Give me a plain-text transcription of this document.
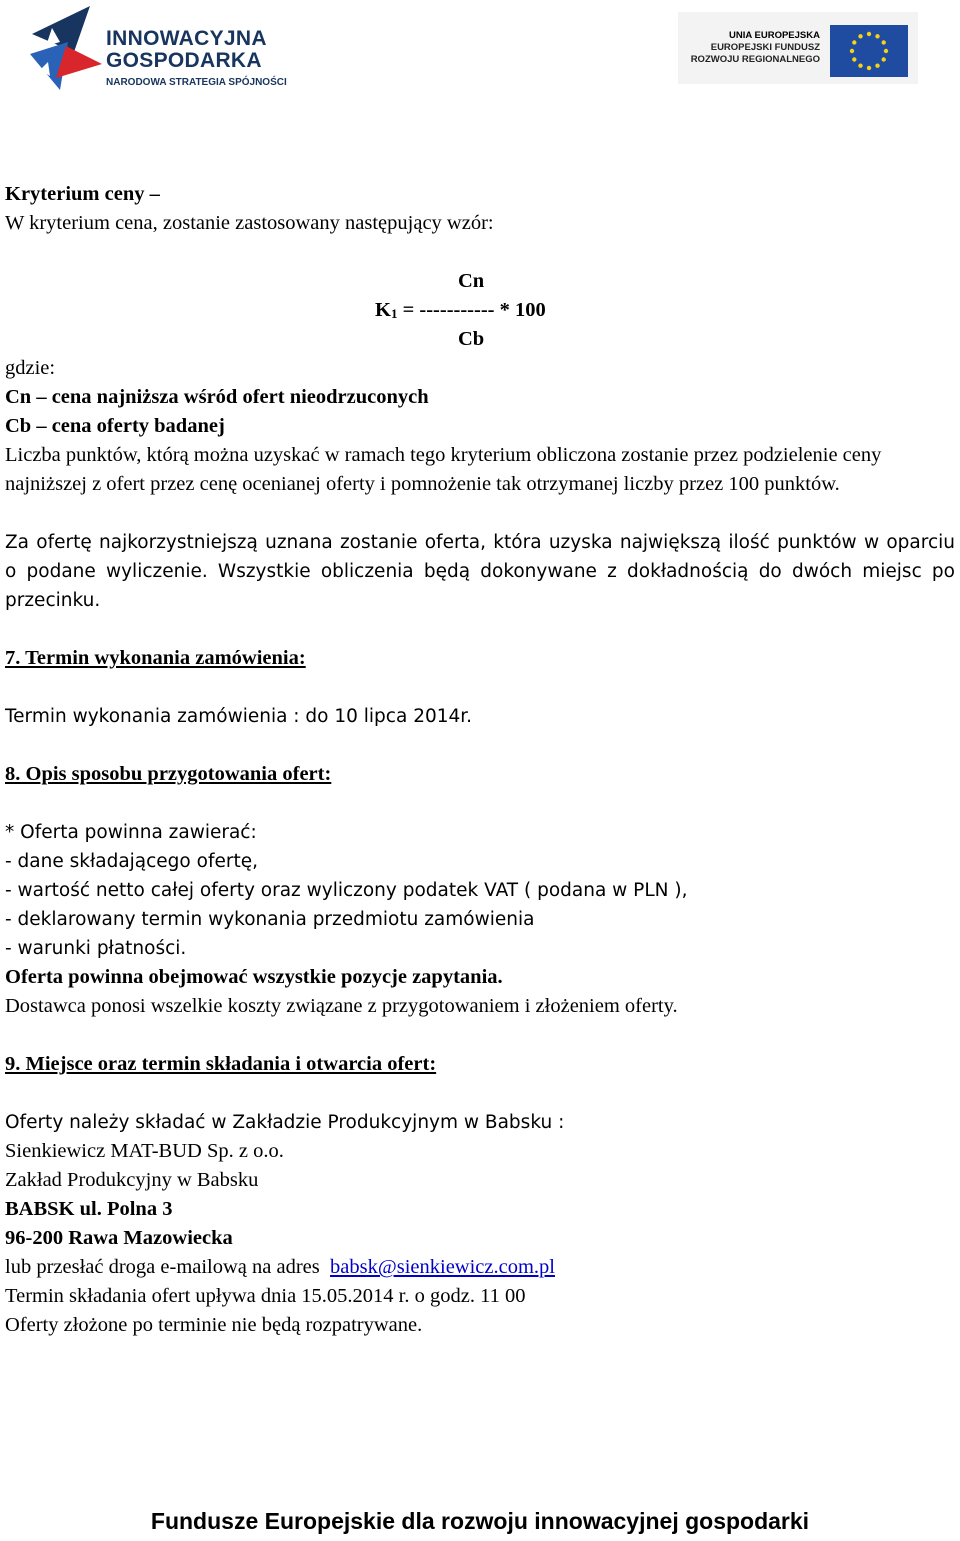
INNOWACYJNA
GOSPODARKA
NARODOWA STRATEGIA SPÓJNOŚCI
UNIA EUROPEJSKA
EUROPEJSKI FUNDUSZ
ROZWOJU REGIONALNEGO

Kryterium ceny –

W kryterium cena, zostanie zastosowany następujący wzór:

Cn
$K_1$ = ----------- * 100
Cb

gdzie:

Cn – cena najniższa wśród ofert nieodrzuconych

Cb – cena oferty badanej

Liczba punktów, którą można uzyskać w ramach tego kryterium obliczona zostanie przez podzielenie ceny najniższej z ofert przez cenę ocenianej oferty i pomnożenie tak otrzymanej liczby przez 100 punktów.

Za ofertę najkorzystniejszą uznana zostanie oferta, która uzyska największą ilość punktów w oparciu o podane wyliczenie. Wszystkie obliczenia będą dokonywane z dokładnością do dwóch miejsc po przecinku.

7. Termin wykonania zamówienia:

Termin wykonania zamówienia : do 10 lipca 2014r.

8. Opis sposobu przygotowania ofert:

* Oferta powinna zawierać:

- dane składającego ofertę,

- wartość netto całej oferty oraz wyliczony podatek VAT ( podana w PLN ),

- deklarowany termin wykonania przedmiotu zamówienia

- warunki płatności.

Oferta powinna obejmować wszystkie pozycje zapytania.

Dostawca ponosi wszelkie koszty związane z przygotowaniem i złożeniem oferty.

9. Miejsce oraz termin składania i otwarcia ofert:

Oferty należy składać w Zakładzie Produkcyjnym w Babsku :

Sienkiewicz MAT-BUD Sp. z o.o.

Zakład Produkcyjny w Babsku

BABSK ul. Polna 3

96-200 Rawa Mazowiecka

lub przesłać droga e-mailową na adres  babsk@sienkiewicz.com.pl

Termin składania ofert upływa dnia 15.05.2014 r. o godz. 11 00

Oferty złożone po terminie nie będą rozpatrywane.

Fundusze Europejskie dla rozwoju innowacyjnej gospodarki
